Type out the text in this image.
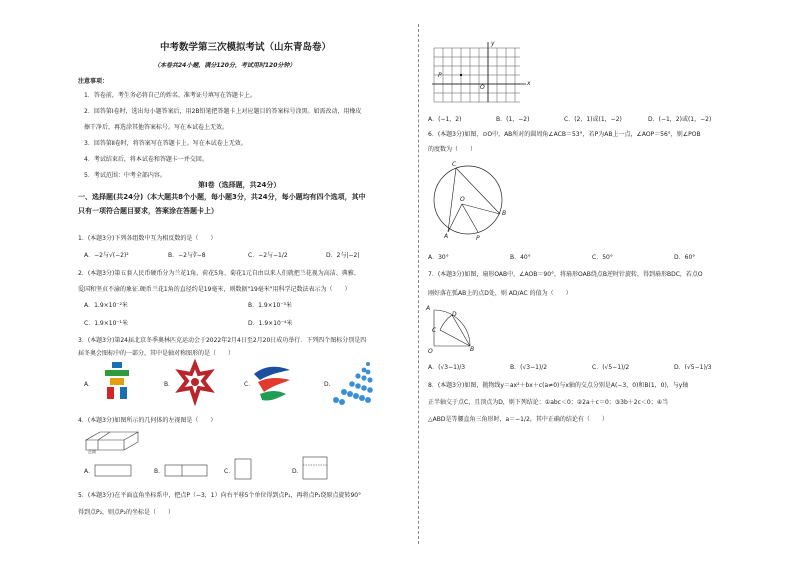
中考数学第三次模拟考试（山东青岛卷）
（本卷共24小题，满分120分，考试用时120分钟）
注意事项：
1．答卷前，考生务必将自己的姓名、准考证号填写在答题卡上。
2．回答第Ⅰ卷时，选出每小题答案后，用2B铅笔把答题卡上对应题目的答案标号涂黑。如需改动，用橡皮
擦干净后，再选涂其他答案标号。写在本试卷上无效。
3．回答第Ⅱ卷时，将答案写在答题卡上。写在本试卷上无效。
4．考试结束后，将本试卷和答题卡一并交回。
5．考试范围：中考全部内容。
第Ⅰ卷（选择题，共24分）
一、选择题(共24分)（本大题共8个小题，每小题3分，共24分，每小题均有四个选项，其中
只有一项符合题目要求，答案涂在答题卡上）
1．(本题3分)下列各组数中互为相反数的是（　　）
A．−2与√(−2)²	B．−2与∛−8	C．−2与−1/2	D．2与|−2|
2．(本题3分)第五套人民币硬币分为兰花1角、荷花5角、菊花1元自由以来人们就把兰花视为高洁、典雅、
爱国和坚贞不渝的象征.硬币兰花1角的直径约是19毫米，则数据"19毫米"用科学记数法表示为（　　）
A．1.9×10⁻²米	B．1.9×10⁻³米
C．1.9×10⁻¹米	D．1.9×10⁻⁴米
3．(本题3分)第24届北京冬季奥林匹克运动会于2022年2月4日至2月20日成功举行．下列四个图标分别是四
届冬奥会图标中的一部分，其中是轴对称图形的是（　　）
A．	B．	C．	D．
4．(本题3分)如图所示的几何体的左视图是（　　）
正面
A．	B．	C．	D．
5．(本题3分)在平面直角坐标系中，把点P（−3，1）向右平移5个单位得到点P₁，再将点P₁绕原点旋转90°
得到点P₂，则点P₂的坐标是（　　）
y
x
O
P
A．(−1，2)	B．(1，−2)	C．(2，1)或(1，−2)	D．(−1，2)或(1，−2)
6．(本题3分)如图，⊙O中，AB所对的圆周角∠ACB＝53°，若P为AB上一点，∠AOP＝56°，则∠POB
的度数为（　　）
C
O
A
B
P
A．30°	B．40°	C．50°	D．60°
7．(本题3分)如图，扇形OAB中，∠AOB＝90°，将扇形OAB绕点B逆时针旋转，得到扇形BDC，若点O
刚好落在弧AB上的点D处，则 AD/AC 的值为（　　）
A
C
D
O	B
A．(√3−1)/3	B．(√3−1)/2	C．(√5−1)/2	D．(√5−1)/3
8．(本题3分)如图，抛物线y＝ax²＋bx＋c(a≠0)与x轴的交点分别是A(−3，0)和B(1，0)，与y轴
正半轴交于点C，且顶点为D，则下列结论：①abc＜0；②2a＋c＝0；③3b＋2c＜0；④当
△ABD是等腰直角三角形时，a＝−1/2，其中正确的结论有（　　）
